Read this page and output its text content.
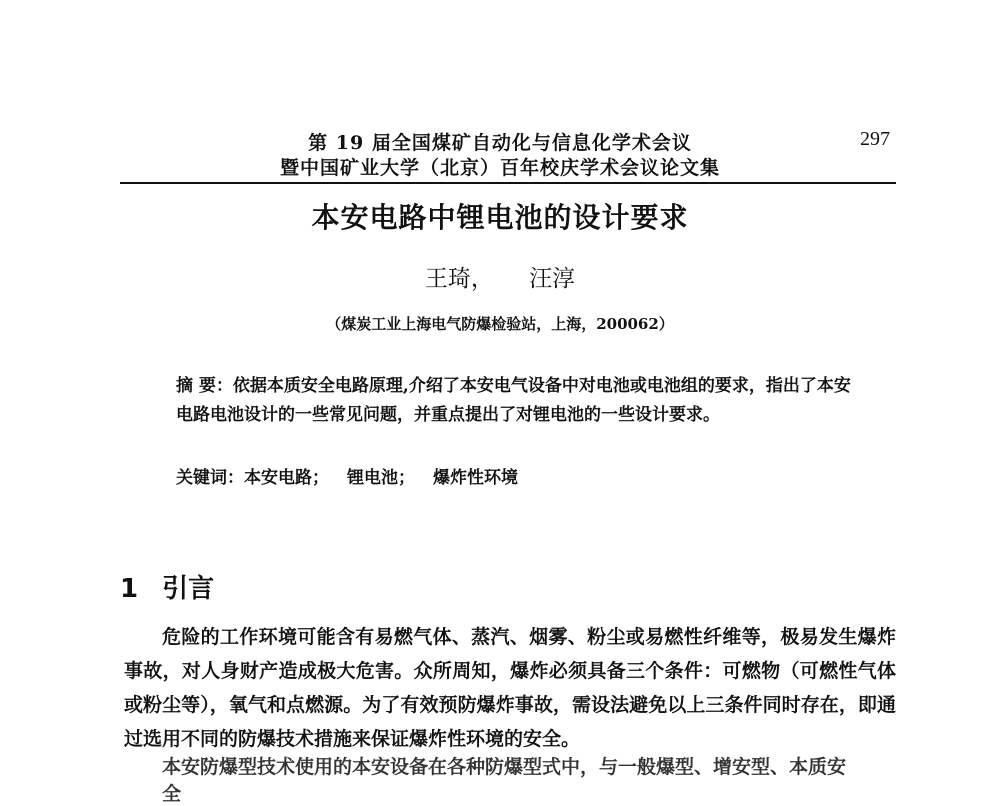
第 19 届全国煤矿自动化与信息化学术会议
暨中国矿业大学（北京）百年校庆学术会议论文集
297
本安电路中锂电池的设计要求
王琦， 汪淳
（煤炭工业上海电气防爆检验站，上海，200062）
摘 要：依据本质安全电路原理,介绍了本安电气设备中对电池或电池组的要求，指出了本安电路电池设计的一些常见问题，并重点提出了对锂电池的一些设计要求。
关键词：本安电路； 锂电池； 爆炸性环境
1 引言
危险的工作环境可能含有易燃气体、蒸汽、烟雾、粉尘或易燃性纤维等，极易发生爆炸事故，对人身财产造成极大危害。众所周知，爆炸必须具备三个条件：可燃物（可燃性气体或粉尘等），氧气和点燃源。为了有效预防爆炸事故，需设法避免以上三条件同时存在，即通过选用不同的防爆技术措施来保证爆炸性环境的安全。
本安防爆型技术使用的本安设备在各种防爆型式中，与一般爆型、增安型、本质安全
